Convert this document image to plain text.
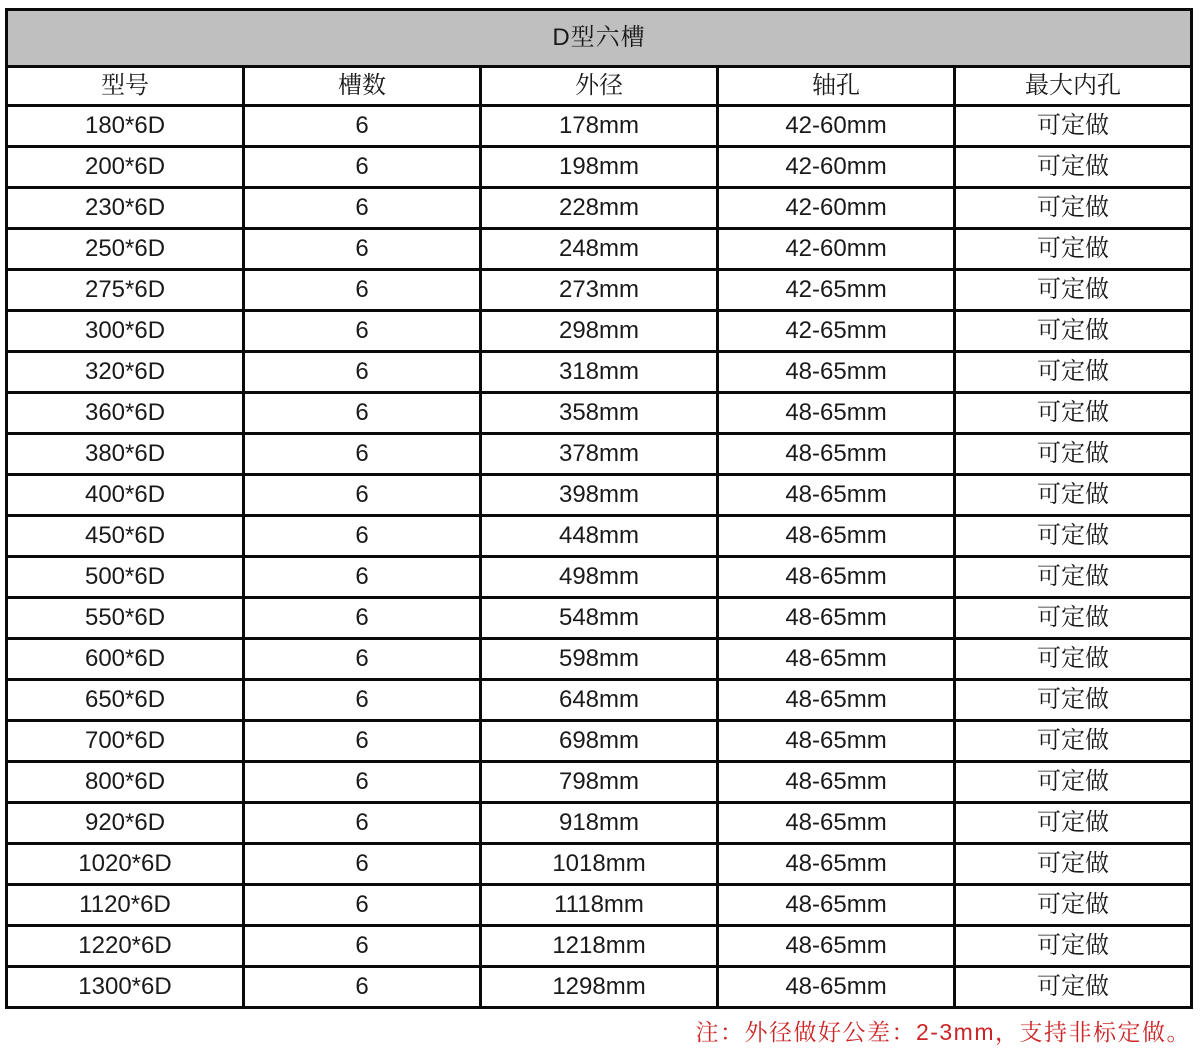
D型六槽				
型号	槽数	外径	轴孔	最大内孔
180*6D	6	178mm	42-60mm	可定做
200*6D	6	198mm	42-60mm	可定做
230*6D	6	228mm	42-60mm	可定做
250*6D	6	248mm	42-60mm	可定做
275*6D	6	273mm	42-65mm	可定做
300*6D	6	298mm	42-65mm	可定做
320*6D	6	318mm	48-65mm	可定做
360*6D	6	358mm	48-65mm	可定做
380*6D	6	378mm	48-65mm	可定做
400*6D	6	398mm	48-65mm	可定做
450*6D	6	448mm	48-65mm	可定做
500*6D	6	498mm	48-65mm	可定做
550*6D	6	548mm	48-65mm	可定做
600*6D	6	598mm	48-65mm	可定做
650*6D	6	648mm	48-65mm	可定做
700*6D	6	698mm	48-65mm	可定做
800*6D	6	798mm	48-65mm	可定做
920*6D	6	918mm	48-65mm	可定做
1020*6D	6	1018mm	48-65mm	可定做
1120*6D	6	1118mm	48-65mm	可定做
1220*6D	6	1218mm	48-65mm	可定做
1300*6D	6	1298mm	48-65mm	可定做
注：外径做好公差：2-3mm，支持非标定做。
